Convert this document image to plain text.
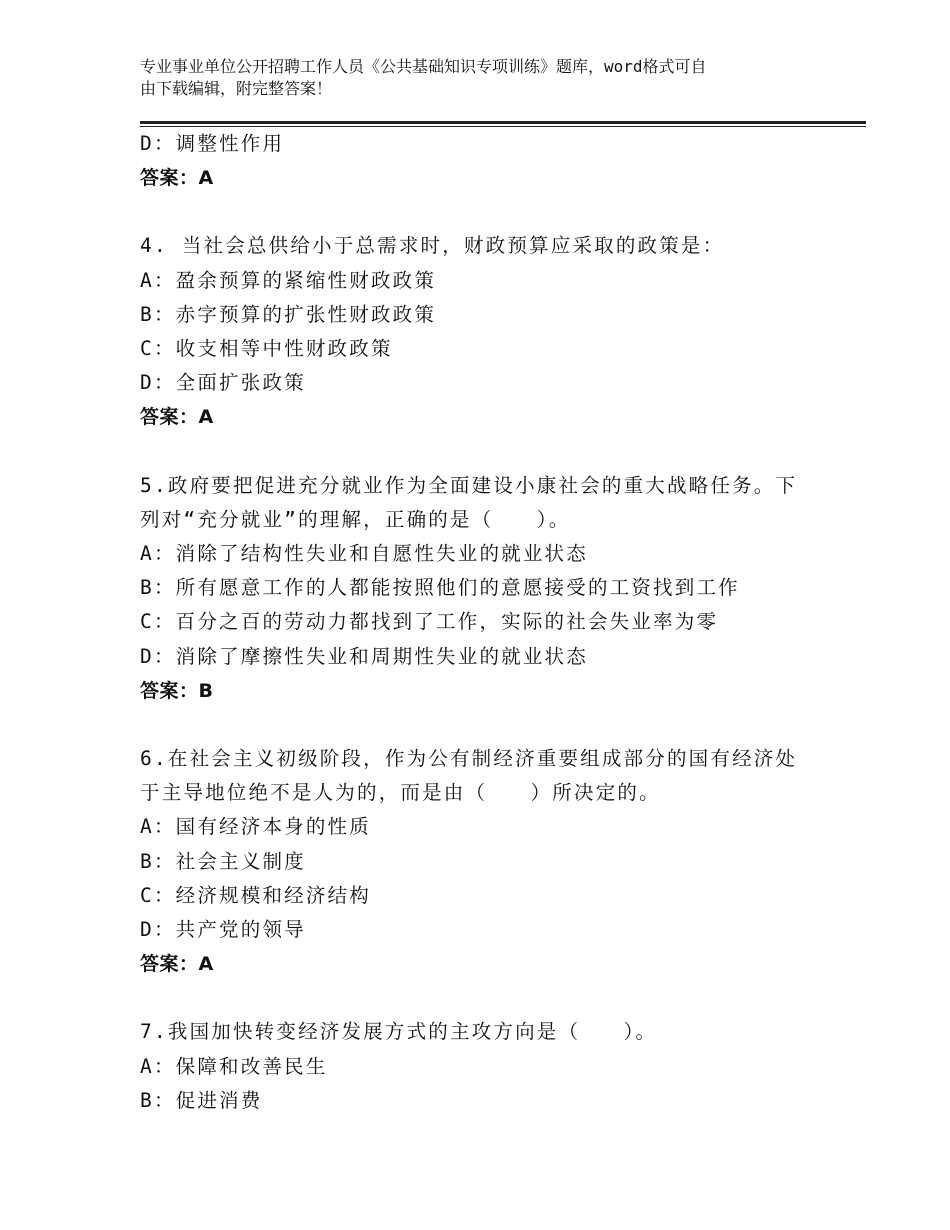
专业事业单位公开招聘工作人员《公共基础知识专项训练》题库，word格式可自
由下载编辑，附完整答案！
D：调整性作用
答案：A
4. 当社会总供给小于总需求时，财政预算应采取的政策是：
A：盈余预算的紧缩性财政政策
B：赤字预算的扩张性财政政策
C：收支相等中性财政政策
D：全面扩张政策
答案：A
5.政府要把促进充分就业作为全面建设小康社会的重大战略任务。下
列对“充分就业”的理解，正确的是（　　）。
A：消除了结构性失业和自愿性失业的就业状态
B：所有愿意工作的人都能按照他们的意愿接受的工资找到工作
C：百分之百的劳动力都找到了工作，实际的社会失业率为零
D：消除了摩擦性失业和周期性失业的就业状态
答案：B
6.在社会主义初级阶段，作为公有制经济重要组成部分的国有经济处
于主导地位绝不是人为的，而是由（　　）所决定的。
A：国有经济本身的性质
B：社会主义制度
C：经济规模和经济结构
D：共产党的领导
答案：A
7.我国加快转变经济发展方式的主攻方向是（　　）。
A：保障和改善民生
B：促进消费
